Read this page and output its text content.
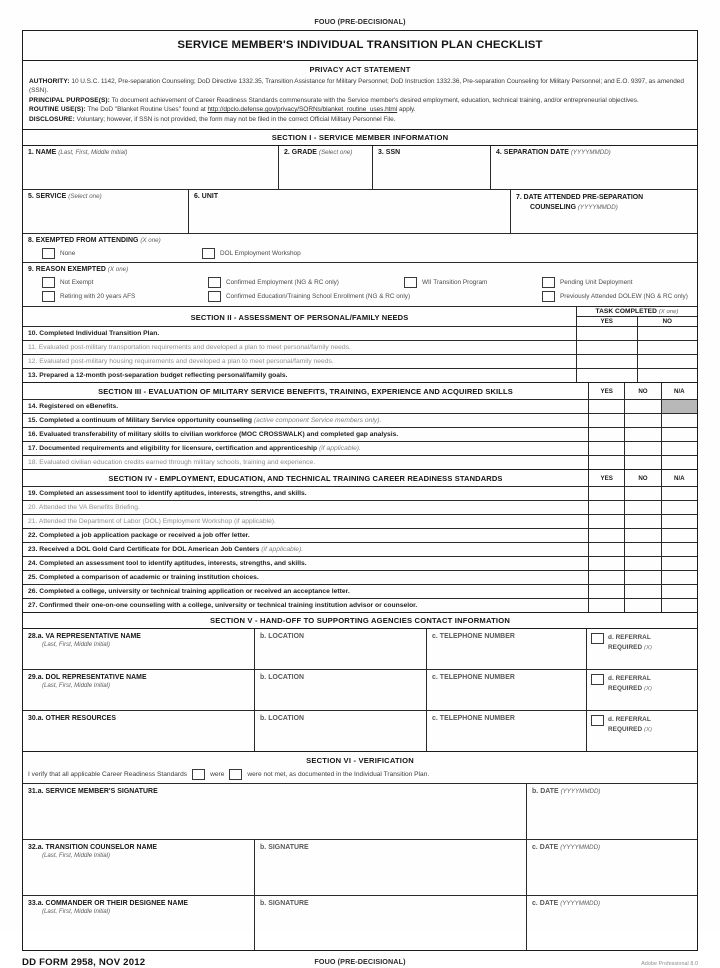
FOUO (PRE-DECISIONAL)
SERVICE MEMBER'S INDIVIDUAL TRANSITION PLAN CHECKLIST
PRIVACY ACT STATEMENT
AUTHORITY: 10 U.S.C. 1142, Pre-separation Counseling; DoD Directive 1332.35, Transition Assistance for Military Personnel; DoD Instruction 1332.36, Pre-separation Counseling for Military Personnel; and E.O. 9397, as amended (SSN).
PRINCIPAL PURPOSE(S): To document achievement of Career Readiness Standards commensurate with the Service member's desired employment, education, technical training, and/or entrepreneurial objectives.
ROUTINE USE(S): The DoD "Blanket Routine Uses" found at http://dpclo.defense.gov/privacy/SORNs/blanket_routine_uses.html apply.
DISCLOSURE: Voluntary; however, if SSN is not provided, the form may not be filed in the correct Official Military Personnel File.
SECTION I - SERVICE MEMBER INFORMATION
1. NAME (Last, First, Middle Initial)	2. GRADE (Select one)	3. SSN	4. SEPARATION DATE (YYYYMMDD)
5. SERVICE (Select one)	6. UNIT	7. DATE ATTENDED PRE-SEPARATION
COUNSELING (YYYYMMDD)
8. EXEMPTED FROM ATTENDING (X one)
None	DOL Employment Workshop
9. REASON EXEMPTED (X one)
Not Exempt	Confirmed Employment (NG & RC only)	WII Transition Program	Pending Unit Deployment
Retiring with 20 years AFS	Confirmed Education/Training School Enrollment (NG & RC only)	Previously Attended DOLEW (NG & RC only)
SECTION II - ASSESSMENT OF PERSONAL/FAMILY NEEDS
TASK COMPLETED (X one)
YES	NO
10. Completed Individual Transition Plan.
11. Evaluated post-military transportation requirements and developed a plan to meet personal/family needs.
12. Evaluated post-military housing requirements and developed a plan to meet personal/family needs.
13. Prepared a 12-month post-separation budget reflecting personal/family goals.
SECTION III - EVALUATION OF MILITARY SERVICE BENEFITS, TRAINING, EXPERIENCE AND ACQUIRED SKILLS	YES	NO	N/A
14. Registered on eBenefits.
15. Completed a continuum of Military Service opportunity counseling (active component Service members only).
16. Evaluated transferability of military skills to civilian workforce (MOC CROSSWALK) and completed gap analysis.
17. Documented requirements and eligibility for licensure, certification and apprenticeship (if applicable).
18. Evaluated civilian education credits earned through military schools, training and experience.
SECTION IV - EMPLOYMENT, EDUCATION, AND TECHNICAL TRAINING CAREER READINESS STANDARDS	YES	NO	N/A
19. Completed an assessment tool to identify aptitudes, interests, strengths, and skills.
20. Attended the VA Benefits Briefing.
21. Attended the Department of Labor (DOL) Employment Workshop (if applicable).
22. Completed a job application package or received a job offer letter.
23. Received a DOL Gold Card Certificate for DOL American Job Centers (if applicable).
24. Completed an assessment tool to identify aptitudes, interests, strengths, and skills.
25. Completed a comparison of academic or training institution choices.
26. Completed a college, university or technical training application or received an acceptance letter.
27. Confirmed their one-on-one counseling with a college, university or technical training institution advisor or counselor.
SECTION V - HAND-OFF TO SUPPORTING AGENCIES CONTACT INFORMATION
28.a. VA REPRESENTATIVE NAME
(Last, First, Middle Initial)
b. LOCATION	c. TELEPHONE NUMBER	d. REFERRAL
REQUIRED (X)
29.a. DOL REPRESENTATIVE NAME
(Last, First, Middle Initial)
b. LOCATION	c. TELEPHONE NUMBER	d. REFERRAL
REQUIRED (X)
30.a. OTHER RESOURCES	b. LOCATION	c. TELEPHONE NUMBER	d. REFERRAL
REQUIRED (X)
SECTION VI - VERIFICATION
I verify that all applicable Career Readiness Standards	were	were not met, as documented in the Individual Transition Plan.
31.a. SERVICE MEMBER'S SIGNATURE	b. DATE (YYYYMMDD)
32.a. TRANSITION COUNSELOR NAME
(Last, First, Middle Initial)
b. SIGNATURE	c. DATE (YYYYMMDD)
33.a. COMMANDER OR THEIR DESIGNEE NAME
(Last, First, Middle Initial)
b. SIGNATURE	c. DATE (YYYYMMDD)
DD FORM 2958, NOV 2012	FOUO (PRE-DECISIONAL)	Adobe Professional 8.0
